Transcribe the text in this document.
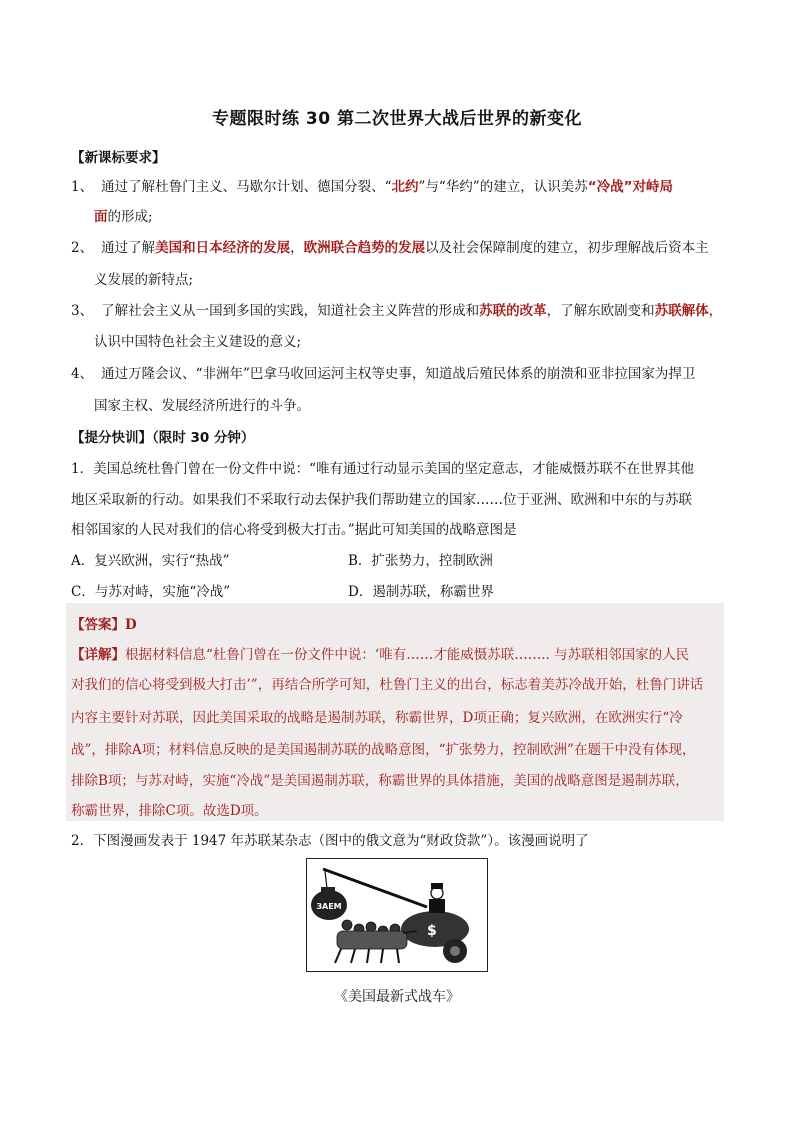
专题限时练 30 第二次世界大战后世界的新变化
【新课标要求】
1、 通过了解杜鲁门主义、马歇尔计划、德国分裂、“北约”与“华约”的建立，认识美苏“冷战”对峙局
面的形成;
2、 通过了解美国和日本经济的发展，欧洲联合趋势的发展以及社会保障制度的建立，初步理解战后资本主
义发展的新特点;
3、 了解社会主义从一国到多国的实践，知道社会主义阵营的形成和苏联的改革，了解东欧剧变和苏联解体，
认识中国特色社会主义建设的意义;
4、 通过万隆会议、“非洲年”巴拿马收回运河主权等史事，知道战后殖民体系的崩溃和亚非拉国家为捍卫
国家主权、发展经济所进行的斗争。
【提分快训】（限时 30 分钟）
1．美国总统杜鲁门曾在一份文件中说：“唯有通过行动显示美国的坚定意志，才能威慑苏联不在世界其他
地区采取新的行动。如果我们不采取行动去保护我们帮助建立的国家……位于亚洲、欧洲和中东的与苏联
相邻国家的人民对我们的信心将受到极大打击。”据此可知美国的战略意图是
A．复兴欧洲，实行“热战”	B．扩张势力，控制欧洲
C．与苏对峙，实施“冷战”	D．遏制苏联，称霸世界
【答案】D
【详解】根据材料信息“杜鲁门曾在一份文件中说：‘唯有……才能威慑苏联…….. 与苏联相邻国家的人民
对我们的信心将受到极大打击’”，再结合所学可知，杜鲁门主义的出台，标志着美苏冷战开始，杜鲁门讲话
内容主要针对苏联，因此美国采取的战略是遏制苏联，称霸世界，D项正确；复兴欧洲，在欧洲实行“冷
战”，排除A项；材料信息反映的是美国遏制苏联的战略意图，“扩张势力，控制欧洲”在题干中没有体现，
排除B项；与苏对峙，实施“冷战”是美国遏制苏联，称霸世界的具体措施，美国的战略意图是遏制苏联，
称霸世界，排除C项。故选D项。
2．下图漫画发表于 1947 年苏联某杂志（图中的俄文意为“财政贷款”）。该漫画说明了
ЗАЕМ
$
《美国最新式战车》
